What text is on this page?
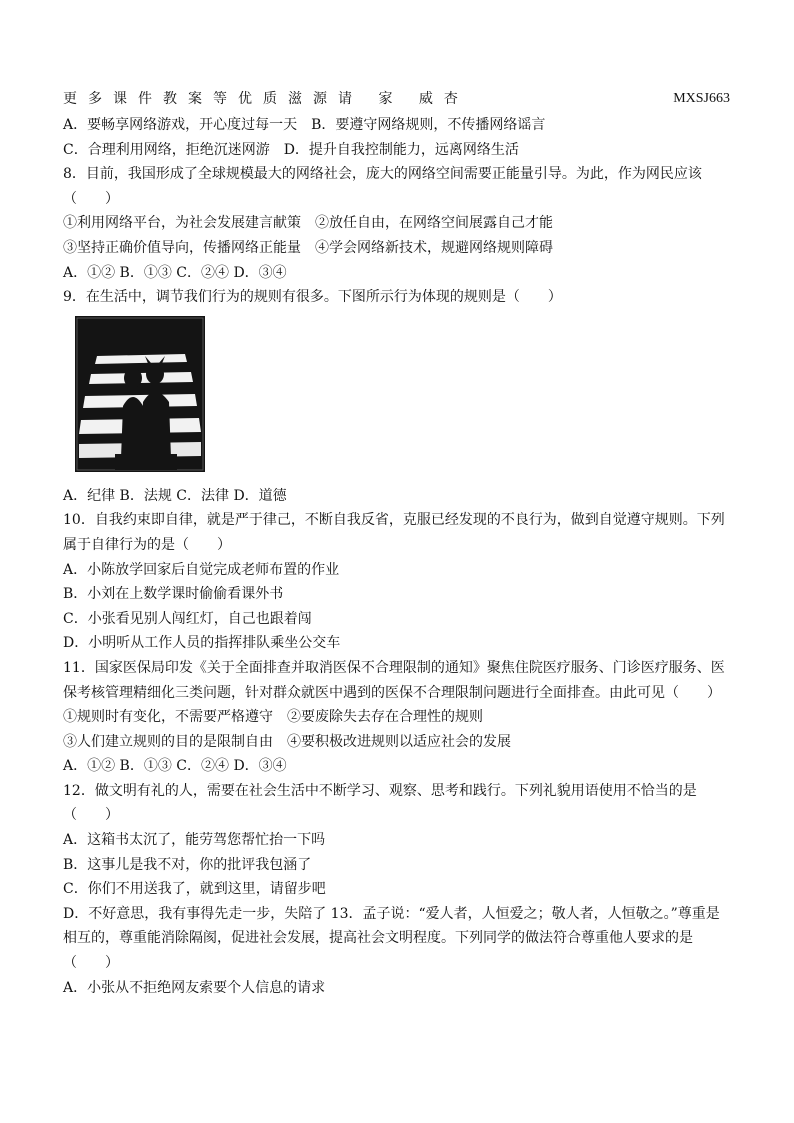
更多课件教案等优质滋源请 家 威杏	MXSJ663
A．要畅享网络游戏，开心度过每一天　B．要遵守网络规则，不传播网络谣言
C．合理利用网络，拒绝沉迷网游　D．提升自我控制能力，远离网络生活
8．目前，我国形成了全球规模最大的网络社会，庞大的网络空间需要正能量引导。为此，作为网民应该（　　）
①利用网络平台，为社会发展建言献策　②放任自由，在网络空间展露自己才能
③坚持正确价值导向，传播网络正能量　④学会网络新技术，规避网络规则障碍
A．①② B．①③ C．②④ D．③④
9．在生活中，调节我们行为的规则有很多。下图所示行为体现的规则是（　　）
A．纪律 B．法规 C．法律 D．道德
10．自我约束即自律，就是严于律己，不断自我反省，克服已经发现的不良行为，做到自觉遵守规则。下列属于自律行为的是（　　）
A．小陈放学回家后自觉完成老师布置的作业
B．小刘在上数学课时偷偷看课外书
C．小张看见别人闯红灯，自己也跟着闯
D．小明听从工作人员的指挥排队乘坐公交车
11．国家医保局印发《关于全面排查并取消医保不合理限制的通知》聚焦住院医疗服务、门诊医疗服务、医保考核管理精细化三类问题，针对群众就医中遇到的医保不合理限制问题进行全面排查。由此可见（　　）
①规则时有变化，不需要严格遵守　②要废除失去存在合理性的规则
③人们建立规则的目的是限制自由　④要积极改进规则以适应社会的发展
A．①② B．①③ C．②④ D．③④
12．做文明有礼的人，需要在社会生活中不断学习、观察、思考和践行。下列礼貌用语使用不恰当的是（　　）
A．这箱书太沉了，能劳驾您帮忙抬一下吗
B．这事儿是我不对，你的批评我包涵了
C．你们不用送我了，就到这里，请留步吧
D．不好意思，我有事得先走一步，失陪了 13．孟子说：“爱人者，人恒爱之；敬人者，人恒敬之。”尊重是相互的，尊重能消除隔阂，促进社会发展，提高社会文明程度。下列同学的做法符合尊重他人要求的是（　　）
A．小张从不拒绝网友索要个人信息的请求
